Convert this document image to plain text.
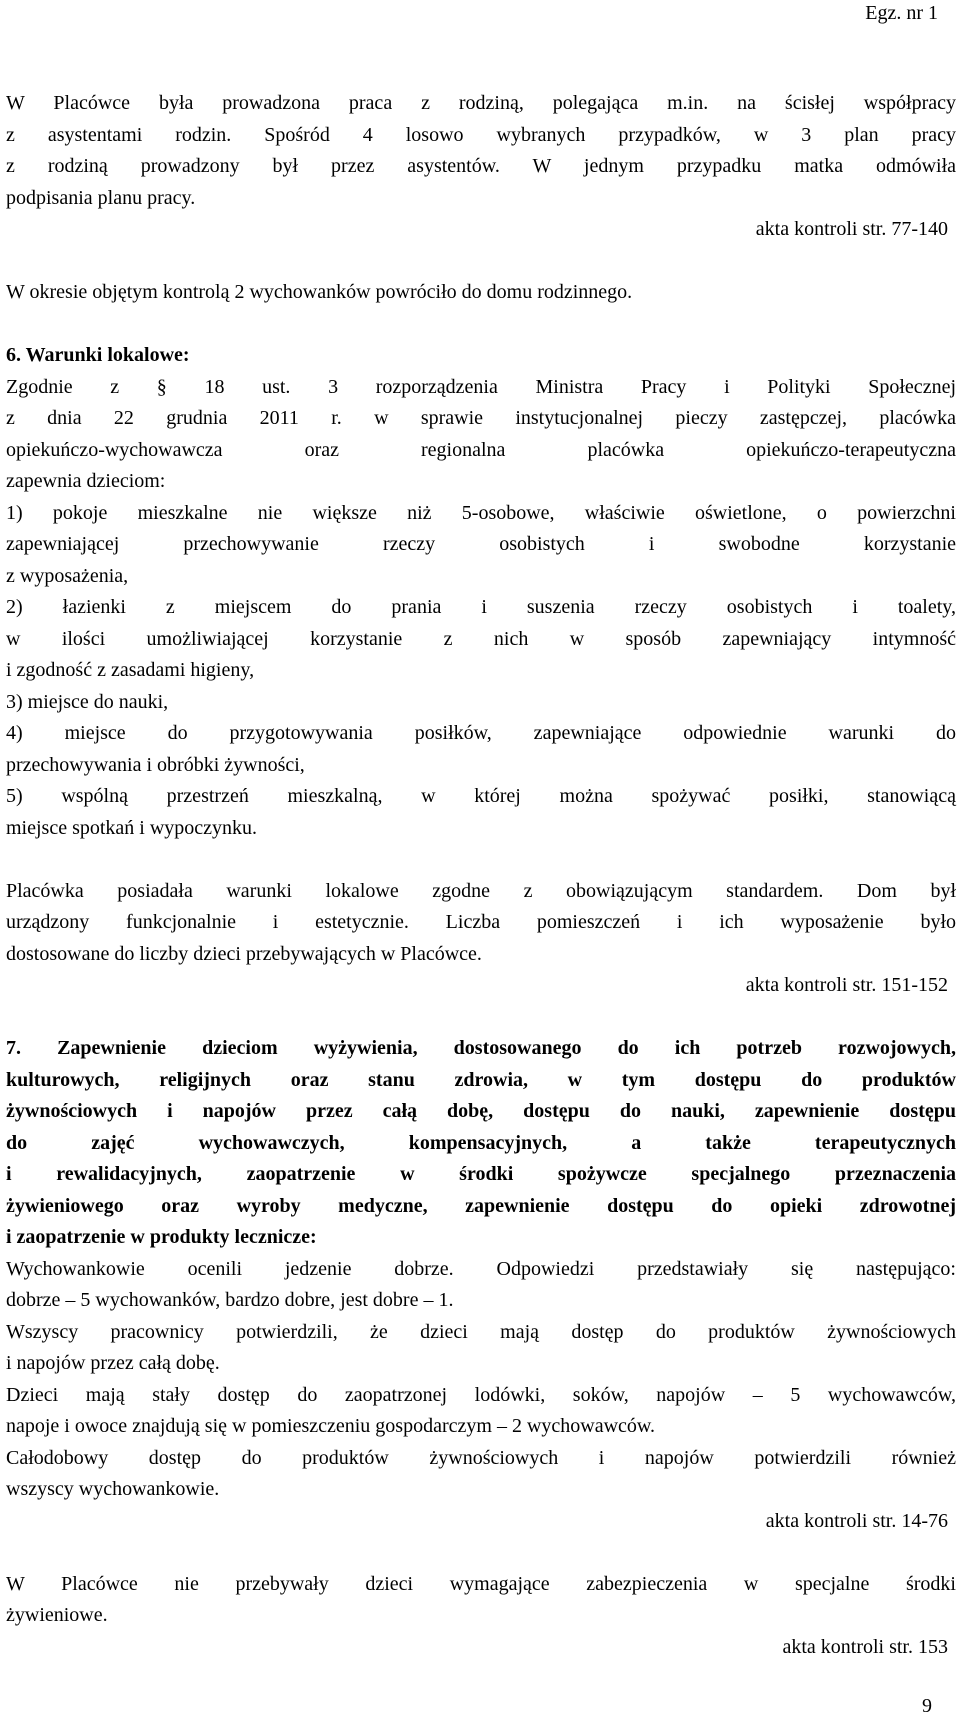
Egz. nr 1
W Placówce była prowadzona praca z rodziną, polegająca m.in. na ścisłej współpracy
z asystentami rodzin. Spośród 4 losowo wybranych przypadków, w 3 plan pracy
z rodziną prowadzony był przez asystentów. W jednym przypadku matka odmówiła
podpisania planu pracy.
akta kontroli str. 77-140
W okresie objętym kontrolą 2 wychowanków powróciło do domu rodzinnego.
6. Warunki lokalowe:
Zgodnie z § 18 ust. 3 rozporządzenia Ministra Pracy i Polityki Społecznej
z dnia 22 grudnia 2011 r. w sprawie instytucjonalnej pieczy zastępczej, placówka
opiekuńczo-wychowawcza oraz regionalna placówka opiekuńczo-terapeutyczna
zapewnia dzieciom:
1) pokoje mieszkalne nie większe niż 5-osobowe, właściwie oświetlone, o powierzchni
zapewniającej przechowywanie rzeczy osobistych i swobodne korzystanie
z wyposażenia,
2) łazienki z miejscem do prania i suszenia rzeczy osobistych i toalety,
w ilości umożliwiającej korzystanie z nich w sposób zapewniający intymność
i zgodność z zasadami higieny,
3) miejsce do nauki,
4) miejsce do przygotowywania posiłków, zapewniające odpowiednie warunki do
przechowywania i obróbki żywności,
5) wspólną przestrzeń mieszkalną, w której można spożywać posiłki, stanowiącą
miejsce spotkań i wypoczynku.
Placówka posiadała warunki lokalowe zgodne z obowiązującym standardem. Dom był
urządzony funkcjonalnie i estetycznie. Liczba pomieszczeń i ich wyposażenie było
dostosowane do liczby dzieci przebywających w Placówce.
akta kontroli str. 151-152
7. Zapewnienie dzieciom wyżywienia, dostosowanego do ich potrzeb rozwojowych,
kulturowych, religijnych oraz stanu zdrowia, w tym dostępu do produktów
żywnościowych i napojów przez całą dobę, dostępu do nauki, zapewnienie dostępu
do zajęć wychowawczych, kompensacyjnych, a także terapeutycznych
i rewalidacyjnych, zaopatrzenie w środki spożywcze specjalnego przeznaczenia
żywieniowego oraz wyroby medyczne, zapewnienie dostępu do opieki zdrowotnej
i zaopatrzenie w produkty lecznicze:
Wychowankowie ocenili jedzenie dobrze. Odpowiedzi przedstawiały się następująco:
dobrze – 5 wychowanków, bardzo dobre, jest dobre – 1.
Wszyscy pracownicy potwierdzili, że dzieci mają dostęp do produktów żywnościowych
i napojów przez całą dobę.
Dzieci mają stały dostęp do zaopatrzonej lodówki, soków, napojów – 5 wychowawców,
napoje i owoce znajdują się w pomieszczeniu gospodarczym – 2 wychowawców.
Całodobowy dostęp do produktów żywnościowych i napojów potwierdzili również
wszyscy wychowankowie.
akta kontroli str. 14-76
W Placówce nie przebywały dzieci wymagające zabezpieczenia w specjalne środki
żywieniowe.
akta kontroli str. 153
9
